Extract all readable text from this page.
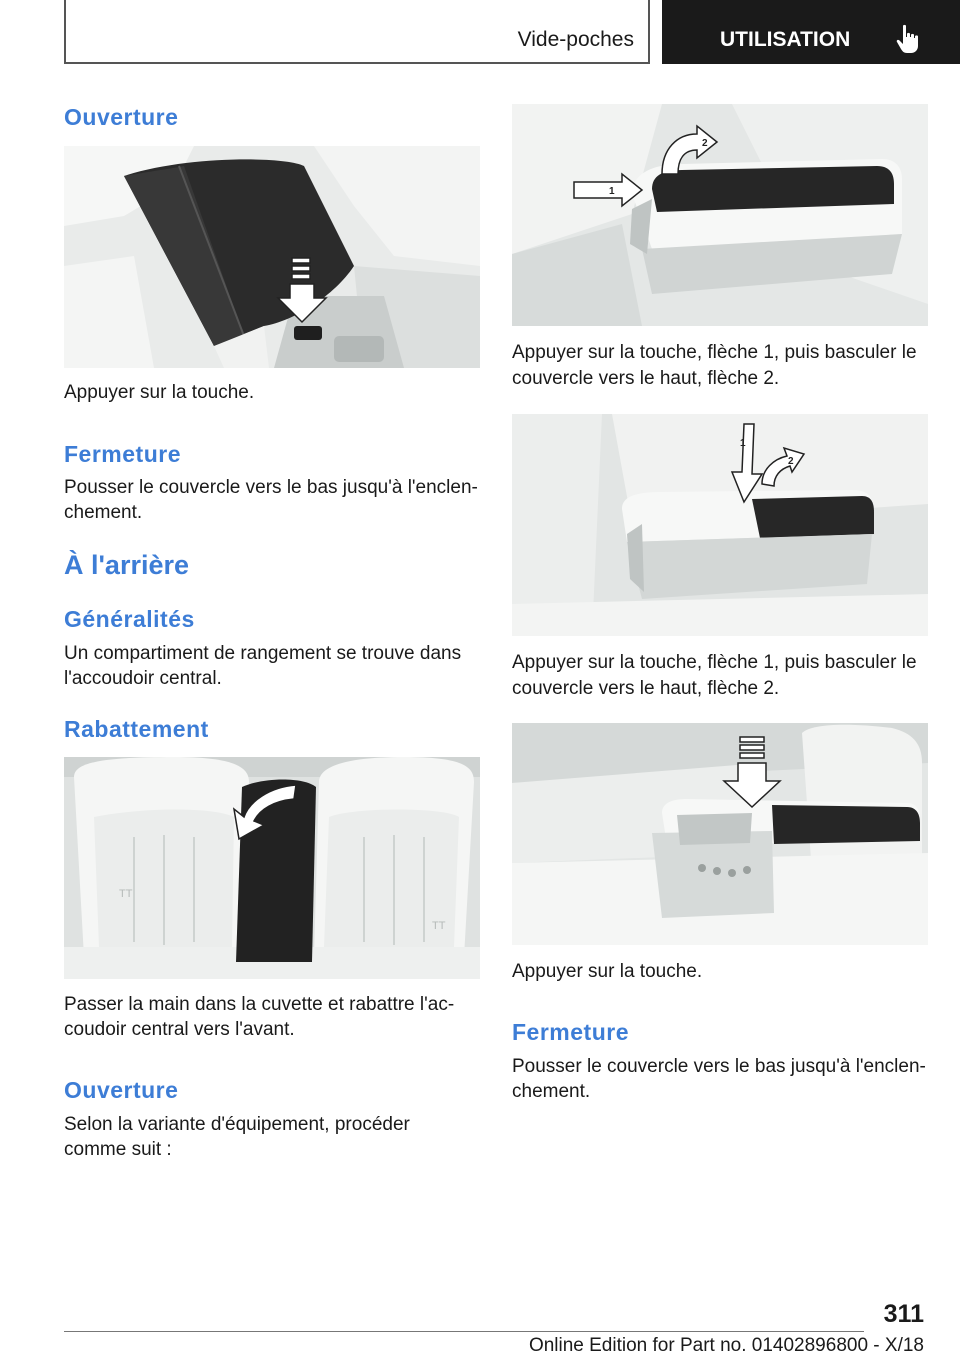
Vide-poches	UTILISATION
Ouverture

Appuyer sur la touche.

Fermeture

Pousser le couvercle vers le bas jusqu'à l'enclen-

chement.

À l'arrière
Généralités

Un compartiment de rangement se trouve dans

l'accoudoir central.

Rabattement
TT
TT

Passer la main dans la cuvette et rabattre l'ac-

coudoir central vers l'avant.

Ouverture

Selon la variante d'équipement, procéder

comme suit :

1
2

Appuyer sur la touche, flèche 1, puis basculer le

couvercle vers le haut, flèche 2.

1
2

Appuyer sur la touche, flèche 1, puis basculer le

couvercle vers le haut, flèche 2.

Appuyer sur la touche.

Fermeture

Pousser le couvercle vers le bas jusqu'à l'enclen-

chement.

311
Online Edition for Part no. 01402896800 - X/18
